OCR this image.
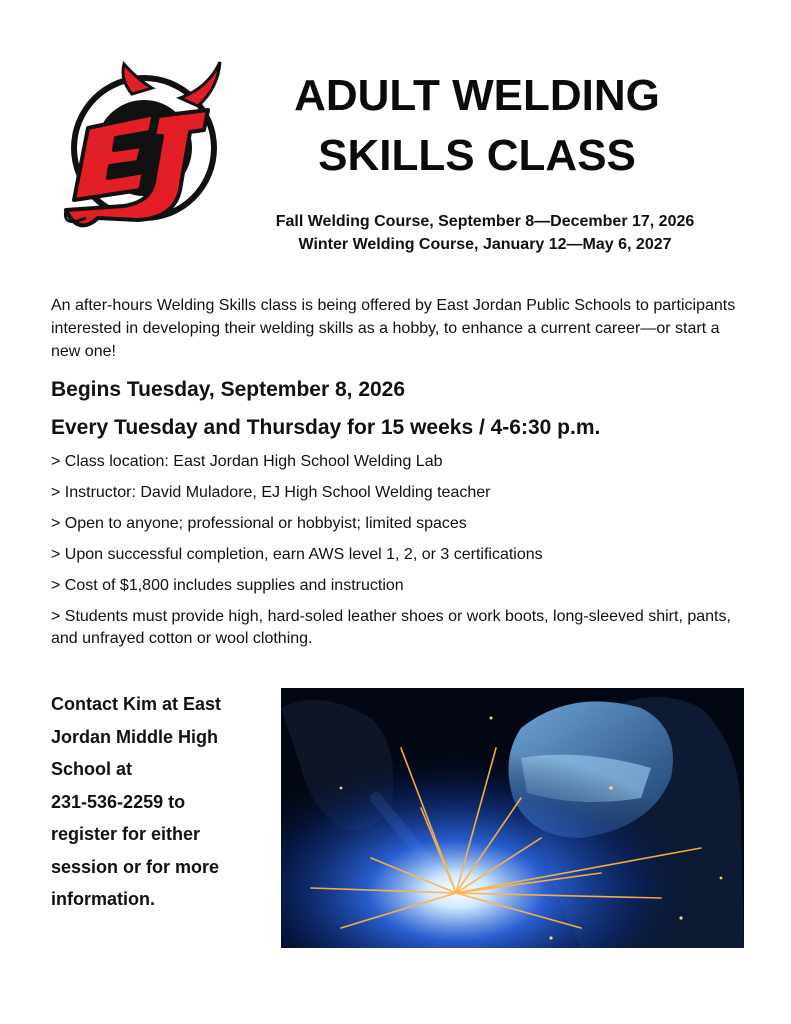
ADULT WELDING
SKILLS CLASS
Fall Welding Course, September 8—December 17, 2026
Winter Welding Course, January 12—May 6, 2027
An after-hours Welding Skills class is being offered by East Jordan Public Schools to participants interested in developing their welding skills as a hobby, to enhance a current career—or start a new one!
Begins Tuesday, September 8, 2026
Every Tuesday and Thursday for 15 weeks / 4-6:30 p.m.
> Class location: East Jordan High School Welding Lab
> Instructor: David Muladore, EJ High School Welding teacher
> Open to anyone; professional or hobbyist; limited spaces
> Upon successful completion, earn AWS level 1, 2, or 3 certifications
> Cost of $1,800 includes supplies and instruction
> Students must provide high, hard-soled leather shoes or work boots, long-sleeved shirt, pants, and unfrayed cotton or wool clothing.
Contact Kim at East
Jordan Middle High
School at
231-536-2259 to
register for either
session or for more
information.
